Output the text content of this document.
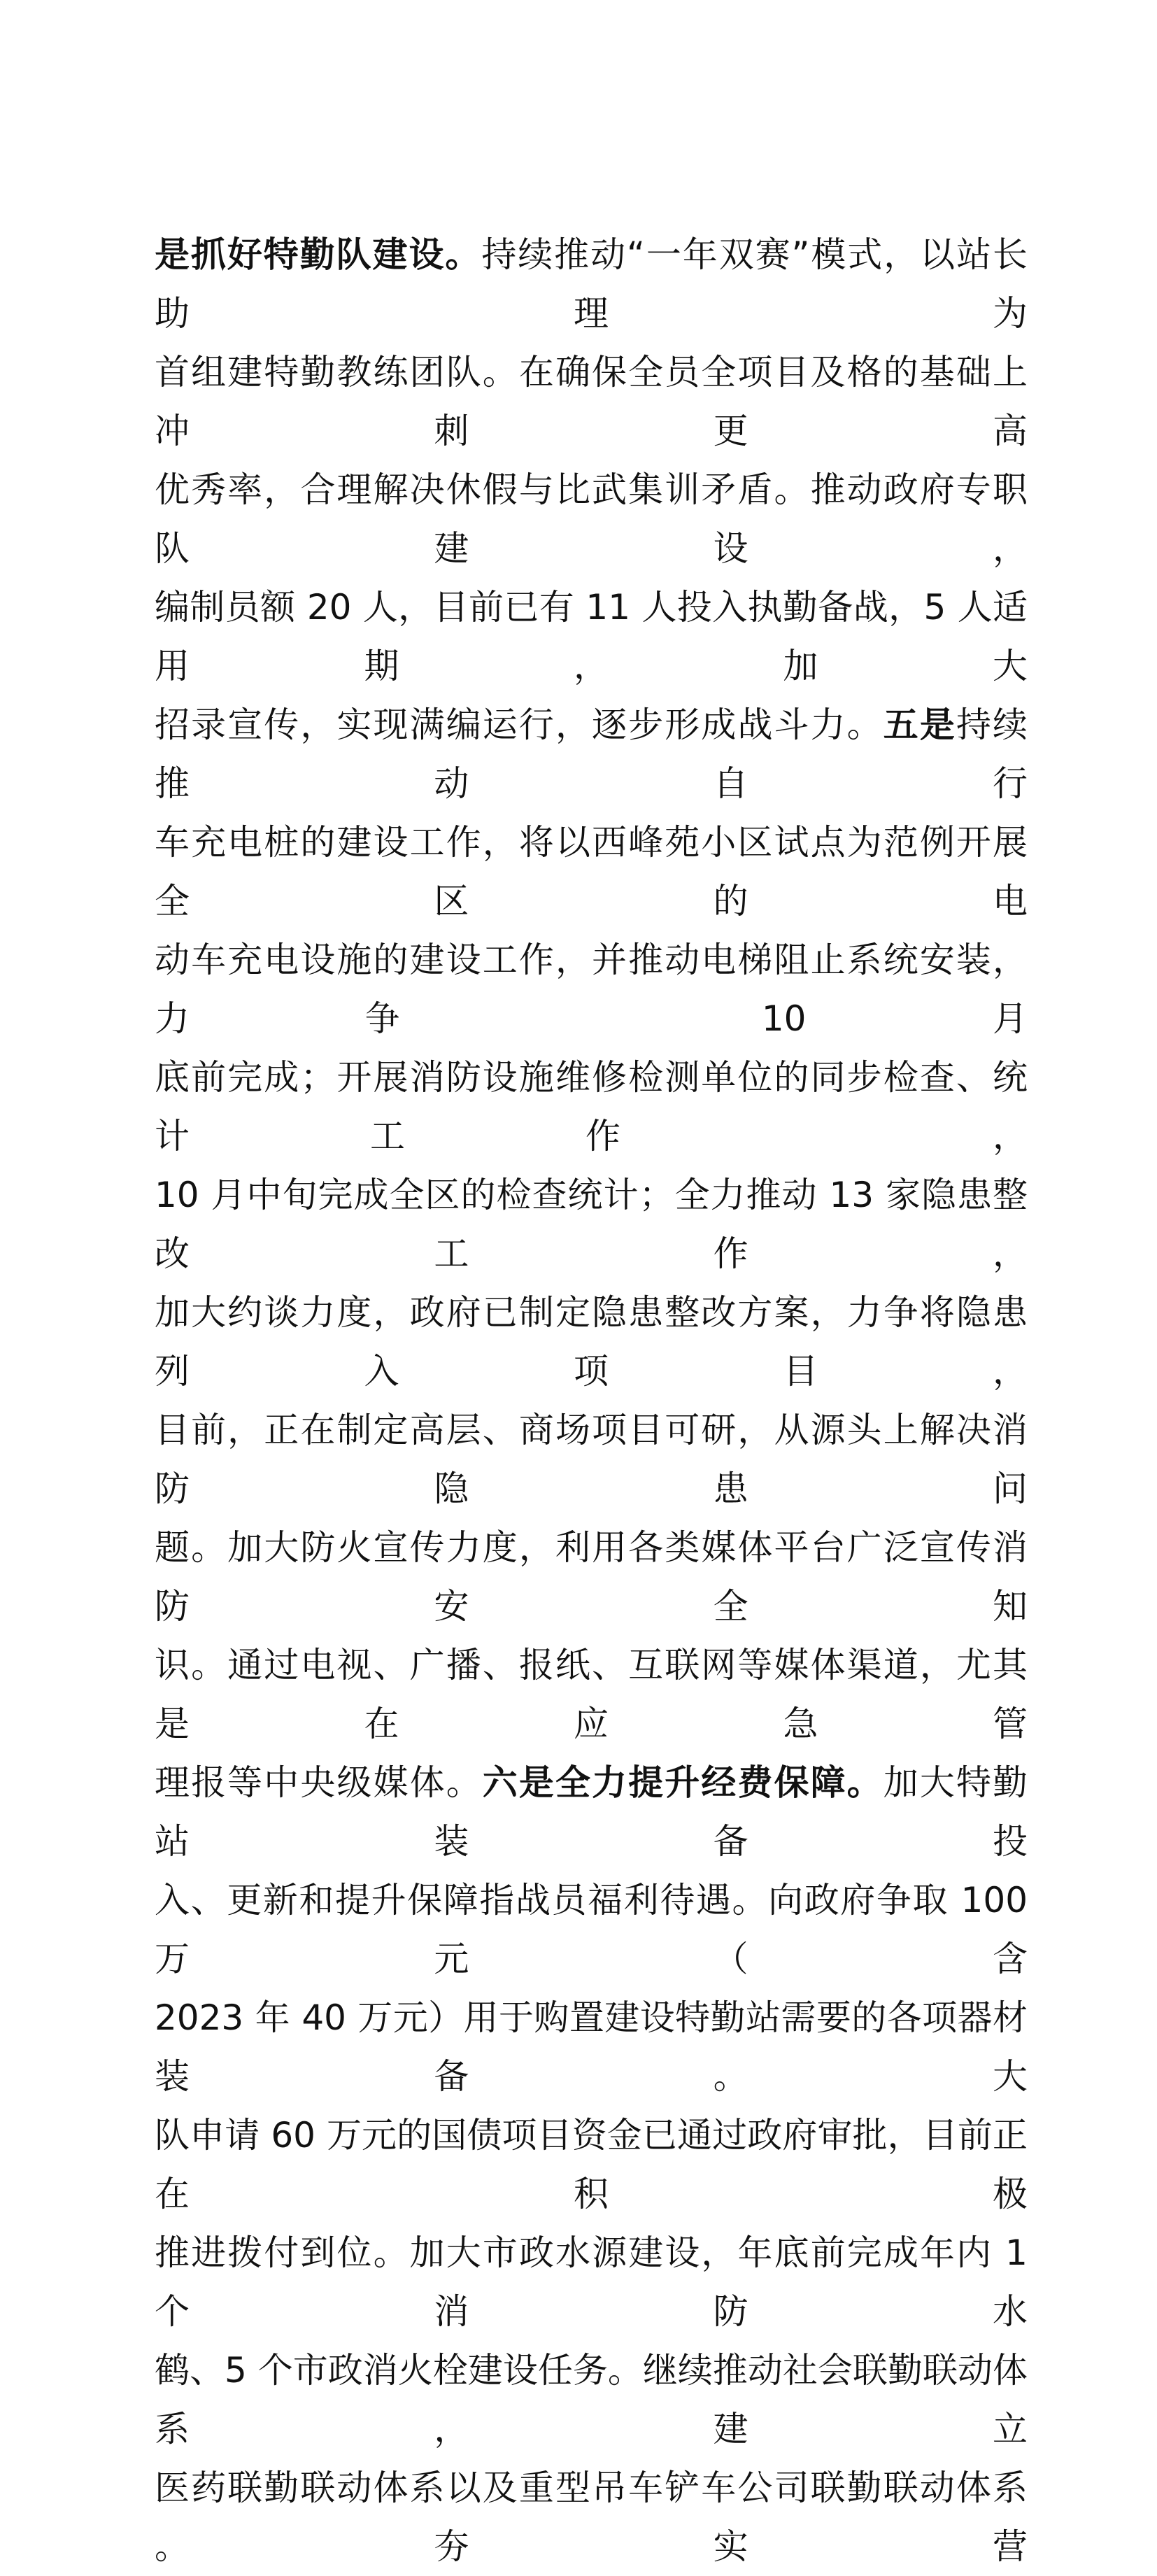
是抓好特勤队建设。持续推动“一年双赛”模式，以站长助理为
首组建特勤教练团队。在确保全员全项目及格的基础上冲刺更高
优秀率，合理解决休假与比武集训矛盾。推动政府专职队建设，
编制员额 20 人，目前已有 11 人投入执勤备战，5 人适用期，加大
招录宣传，实现满编运行，逐步形成战斗力。五是持续推动自行
车充电桩的建设工作，将以西峰苑小区试点为范例开展全区的电
动车充电设施的建设工作，并推动电梯阻止系统安装，力争 10 月
底前完成；开展消防设施维修检测单位的同步检查、统计工作 ，
10 月中旬完成全区的检查统计；全力推动 13 家隐患整改工作，
加大约谈力度，政府已制定隐患整改方案，力争将隐患列入项目，
目前，正在制定高层、商场项目可研，从源头上解决消防隐患问
题。加大防火宣传力度，利用各类媒体平台广泛宣传消防安全知
识。通过电视、广播、报纸、互联网等媒体渠道，尤其是在应急管
理报等中央级媒体。六是全力提升经费保障。加大特勤站装备投
入、更新和提升保障指战员福利待遇。向政府争取 100 万元（含
2023 年 40 万元）用于购置建设特勤站需要的各项器材装备。大
队申请 60 万元的国债项目资金已通过政府审批，目前正在积极
推进拨付到位。加大市政水源建设，年底前完成年内 1 个消防水
鹤、5 个市政消火栓建设任务。继续推动社会联勤联动体系，建立
医药联勤联动体系以及重型吊车铲车公司联勤联动体系。夯实营
